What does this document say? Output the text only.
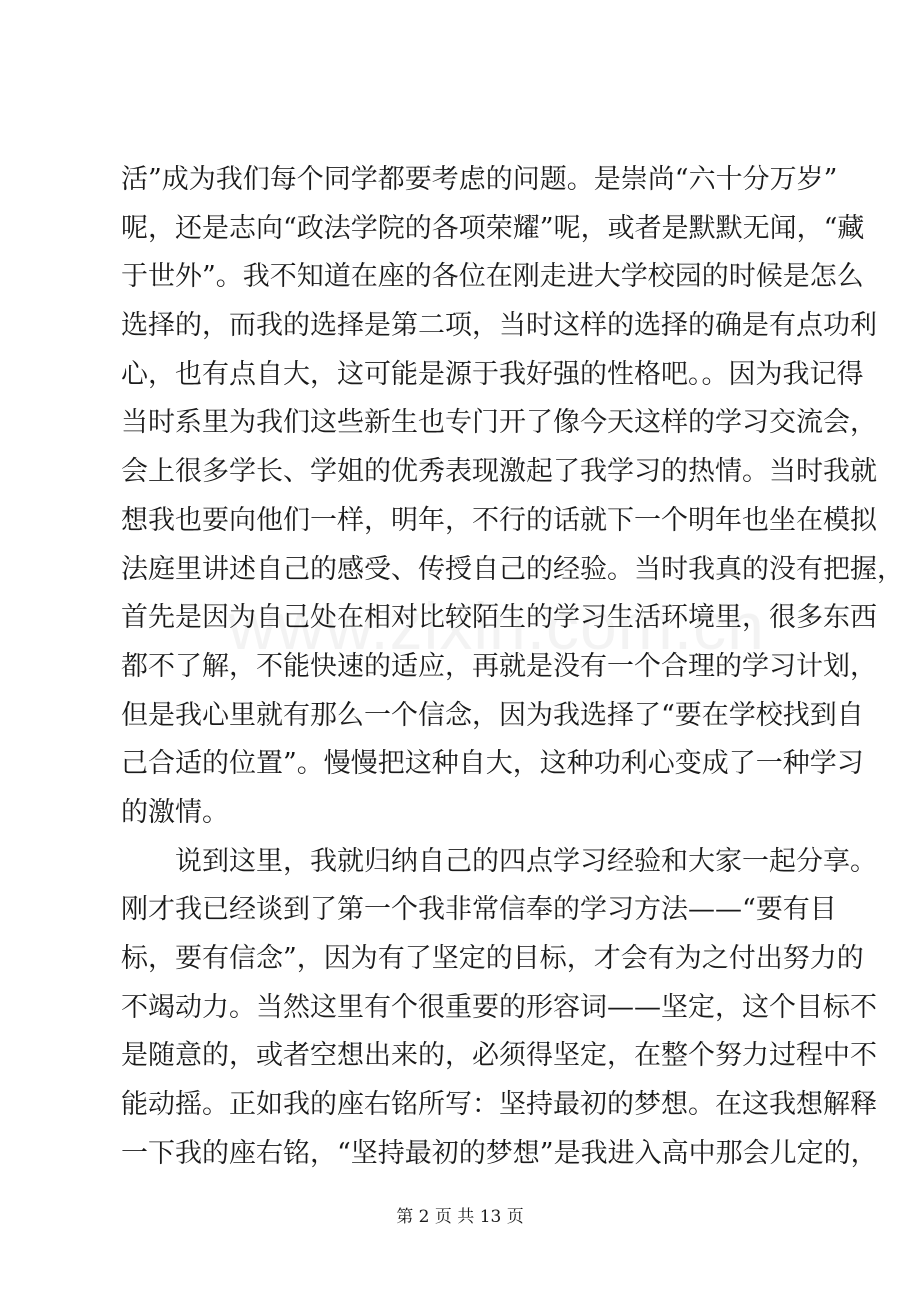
活”成为我们每个同学都要考虑的问题。是崇尚“六十分万岁”
呢，还是志向“政法学院的各项荣耀”呢，或者是默默无闻，“藏
于世外”。我不知道在座的各位在刚走进大学校园的时候是怎么
选择的，而我的选择是第二项，当时这样的选择的确是有点功利
心，也有点自大，这可能是源于我好强的性格吧。。因为我记得
当时系里为我们这些新生也专门开了像今天这样的学习交流会，
会上很多学长、学姐的优秀表现激起了我学习的热情。当时我就
想我也要向他们一样，明年，不行的话就下一个明年也坐在模拟
法庭里讲述自己的感受、传授自己的经验。当时我真的没有把握，
首先是因为自己处在相对比较陌生的学习生活环境里，很多东西
都不了解，不能快速的适应，再就是没有一个合理的学习计划，
但是我心里就有那么一个信念，因为我选择了“要在学校找到自
己合适的位置”。慢慢把这种自大，这种功利心变成了一种学习
的激情。
说到这里，我就归纳自己的四点学习经验和大家一起分享。
刚才我已经谈到了第一个我非常信奉的学习方法——“要有目
标，要有信念”，因为有了坚定的目标，才会有为之付出努力的
不竭动力。当然这里有个很重要的形容词——坚定，这个目标不
是随意的，或者空想出来的，必须得坚定，在整个努力过程中不
能动摇。正如我的座右铭所写：坚持最初的梦想。在这我想解释
一下我的座右铭，“坚持最初的梦想”是我进入高中那会儿定的，
第 2 页 共 13 页
